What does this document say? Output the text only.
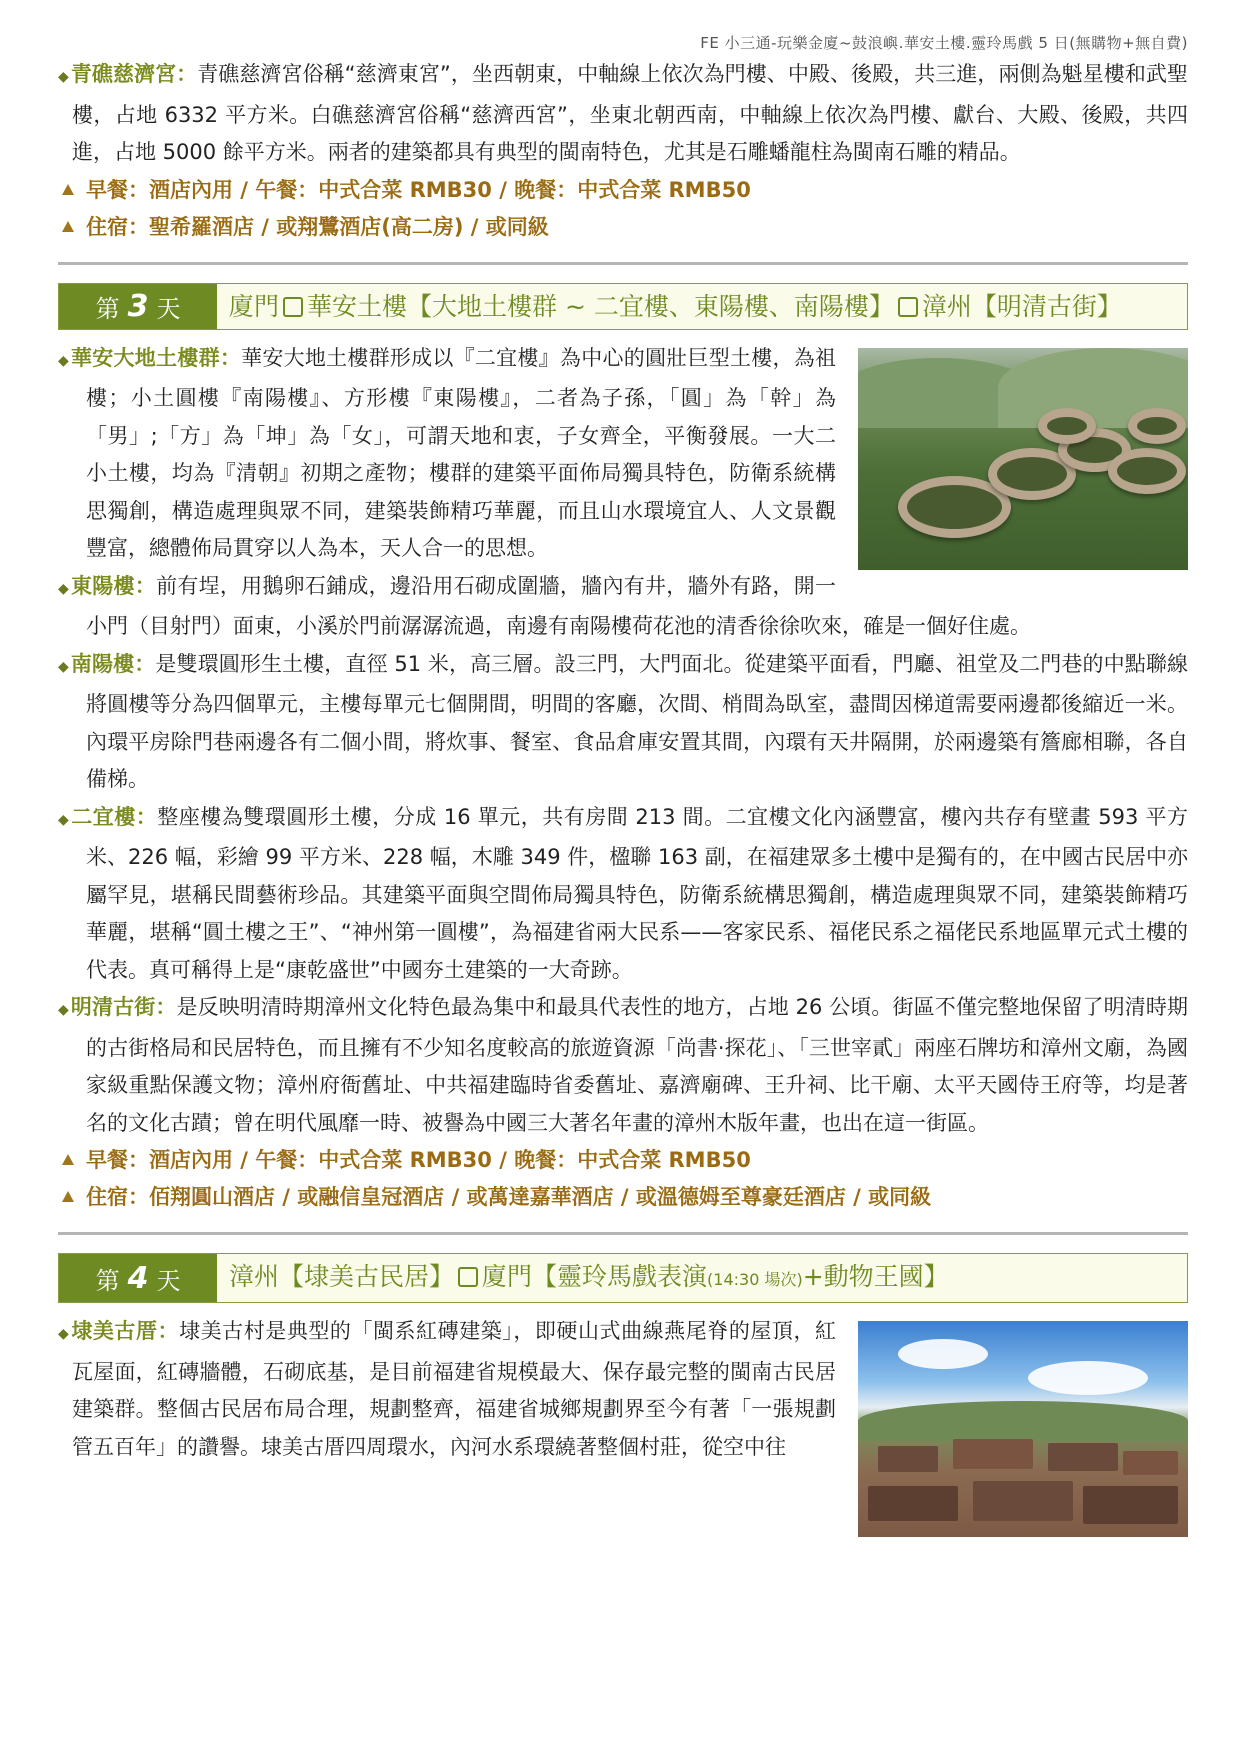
FE 小三通-玩樂金廈~鼓浪嶼.華安土樓.靈玲馬戲 5 日(無購物+無自費)

◆青礁慈濟宮：青礁慈濟宮俗稱“慈濟東宮”，坐西朝東，中軸線上依次為門樓、中殿、後殿，共三進，兩側為魁星樓和武聖樓，占地 6332 平方米。白礁慈濟宮俗稱“慈濟西宮”，坐東北朝西南，中軸線上依次為門樓、獻台、大殿、後殿，共四進，占地 5000 餘平方米。兩者的建築都具有典型的閩南特色，尤其是石雕蟠龍柱為閩南石雕的精品。

早餐：酒店內用 / 午餐：中式合菜 RMB30 / 晚餐：中式合菜 RMB50
住宿：聖希羅酒店 / 或翔鷺酒店(高二房) / 或同級
第 3 天	廈門 華安土樓【大地土樓群 ~ 二宜樓、東陽樓、南陽樓】 漳州【明清古街】

◆華安大地土樓群：華安大地土樓群形成以『二宜樓』為中心的圓壯巨型土樓，為祖樓；小土圓樓『南陽樓』、方形樓『東陽樓』，二者為子孫，「圓」為「幹」為「男」;「方」為「坤」為「女」，可謂天地和衷，子女齊全，平衡發展。一大二小土樓，均為『清朝』初期之產物；樓群的建築平面佈局獨具特色，防衛系統構思獨創，構造處理與眾不同，建築裝飾精巧華麗，而且山水環境宜人、人文景觀豐富，總體佈局貫穿以人為本，天人合一的思想。

◆東陽樓：前有埕，用鵝卵石鋪成，邊沿用石砌成圍牆，牆內有井，牆外有路，開一小門（目射門）面東，小溪於門前潺潺流過，南邊有南陽樓荷花池的清香徐徐吹來，確是一個好住處。

◆南陽樓：是雙環圓形生土樓，直徑 51 米，高三層。設三門，大門面北。從建築平面看，門廳、祖堂及二門巷的中點聯線將圓樓等分為四個單元，主樓每單元七個開間，明間的客廳，次間、梢間為臥室，盡間因梯道需要兩邊都後縮近一米。內環平房除門巷兩邊各有二個小間，將炊事、餐室、食品倉庫安置其間，內環有天井隔開，於兩邊築有簷廊相聯，各自備梯。

◆二宜樓：整座樓為雙環圓形土樓，分成 16 單元，共有房間 213 間。二宜樓文化內涵豐富，樓內共存有壁畫 593 平方米、226 幅，彩繪 99 平方米、228 幅，木雕 349 件，楹聯 163 副，在福建眾多土樓中是獨有的，在中國古民居中亦屬罕見，堪稱民間藝術珍品。其建築平面與空間佈局獨具特色，防衛系統構思獨創，構造處理與眾不同，建築裝飾精巧華麗，堪稱“圓土樓之王”、“神州第一圓樓”，為福建省兩大民系——客家民系、福佬民系之福佬民系地區單元式土樓的代表。真可稱得上是“康乾盛世”中國夯土建築的一大奇跡。

◆明清古街：是反映明清時期漳州文化特色最為集中和最具代表性的地方，占地 26 公頃。街區不僅完整地保留了明清時期的古街格局和民居特色，而且擁有不少知名度較高的旅遊資源「尚書·探花」、「三世宰貳」兩座石牌坊和漳州文廟，為國家級重點保護文物；漳州府衙舊址、中共福建臨時省委舊址、嘉濟廟碑、王升祠、比干廟、太平天國侍王府等，均是著名的文化古蹟；曾在明代風靡一時、被譽為中國三大著名年畫的漳州木版年畫，也出在這一街區。

早餐：酒店內用 / 午餐：中式合菜 RMB30 / 晚餐：中式合菜 RMB50
住宿：佰翔圓山酒店 / 或融信皇冠酒店 / 或萬達嘉華酒店 / 或溫德姆至尊豪廷酒店 / 或同級
第 4 天	漳州【埭美古民居】 廈門【靈玲馬戲表演(14:30 場次)+動物王國】

◆埭美古厝：埭美古村是典型的「閩系紅磚建築」，即硬山式曲線燕尾脊的屋頂，紅瓦屋面，紅磚牆體，石砌底基，是目前福建省規模最大、保存最完整的閩南古民居建築群。整個古民居布局合理，規劃整齊，福建省城鄉規劃界至今有著「一張規劃管五百年」的讚譽。埭美古厝四周環水，內河水系環繞著整個村莊，從空中往
